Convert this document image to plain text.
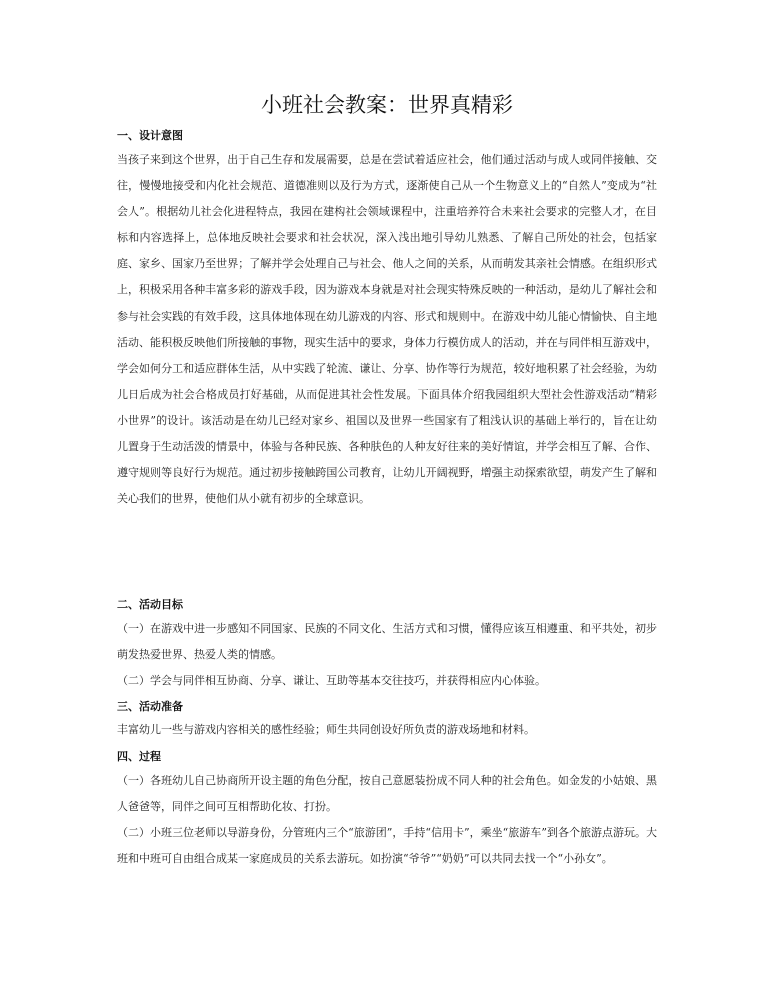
小班社会教案：世界真精彩
一、设计意图

当孩子来到这个世界，出于自己生存和发展需要，总是在尝试着适应社会，他们通过活动与成人或同伴接触、交往，慢慢地接受和内化社会规范、道德准则以及行为方式，逐渐使自己从一个生物意义上的“自然人”变成为“社会人”。根据幼儿社会化进程特点，我园在建构社会领域课程中，注重培养符合未来社会要求的完整人才，在目标和内容选择上，总体地反映社会要求和社会状况，深入浅出地引导幼儿熟悉、了解自己所处的社会，包括家庭、家乡、国家乃至世界；了解并学会处理自己与社会、他人之间的关系，从而萌发其亲社会情感。在组织形式上，积极采用各种丰富多彩的游戏手段，因为游戏本身就是对社会现实特殊反映的一种活动，是幼儿了解社会和参与社会实践的有效手段，这具体地体现在幼儿游戏的内容、形式和规则中。在游戏中幼儿能心情愉快、自主地活动、能积极反映他们所接触的事物，现实生活中的要求，身体力行模仿成人的活动，并在与同伴相互游戏中，学会如何分工和适应群体生活，从中实践了轮流、谦让、分享、协作等行为规范，较好地积累了社会经验，为幼儿日后成为社会合格成员打好基础，从而促进其社会性发展。下面具体介绍我园组织大型社会性游戏活动“精彩小世界”的设计。该活动是在幼儿已经对家乡、祖国以及世界一些国家有了粗浅认识的基础上举行的，旨在让幼儿置身于生动活泼的情景中，体验与各种民族、各种肤色的人种友好往来的美好情谊，并学会相互了解、合作、遵守规则等良好行为规范。通过初步接触跨国公司教育，让幼儿开阔视野，增强主动探索欲望，萌发产生了解和关心我们的世界，使他们从小就有初步的全球意识。

二、活动目标

（一）在游戏中进一步感知不同国家、民族的不同文化、生活方式和习惯，懂得应该互相遵重、和平共处，初步萌发热爱世界、热爱人类的情感。

（二）学会与同伴相互协商、分享、谦让、互助等基本交往技巧，并获得相应内心体验。

三、活动准备

丰富幼儿一些与游戏内容相关的感性经验；师生共同创设好所负责的游戏场地和材料。

四、过程

（一）各班幼儿自己协商所开设主题的角色分配，按自己意愿装扮成不同人种的社会角色。如金发的小姑娘、黑人爸爸等，同伴之间可互相帮助化妆、打扮。

（二）小班三位老师以导游身份，分管班内三个“旅游团”，手持“信用卡”，乘坐“旅游车”到各个旅游点游玩。大班和中班可自由组合成某一家庭成员的关系去游玩。如扮演“爷爷”“奶奶”可以共同去找一个“小孙女”。
